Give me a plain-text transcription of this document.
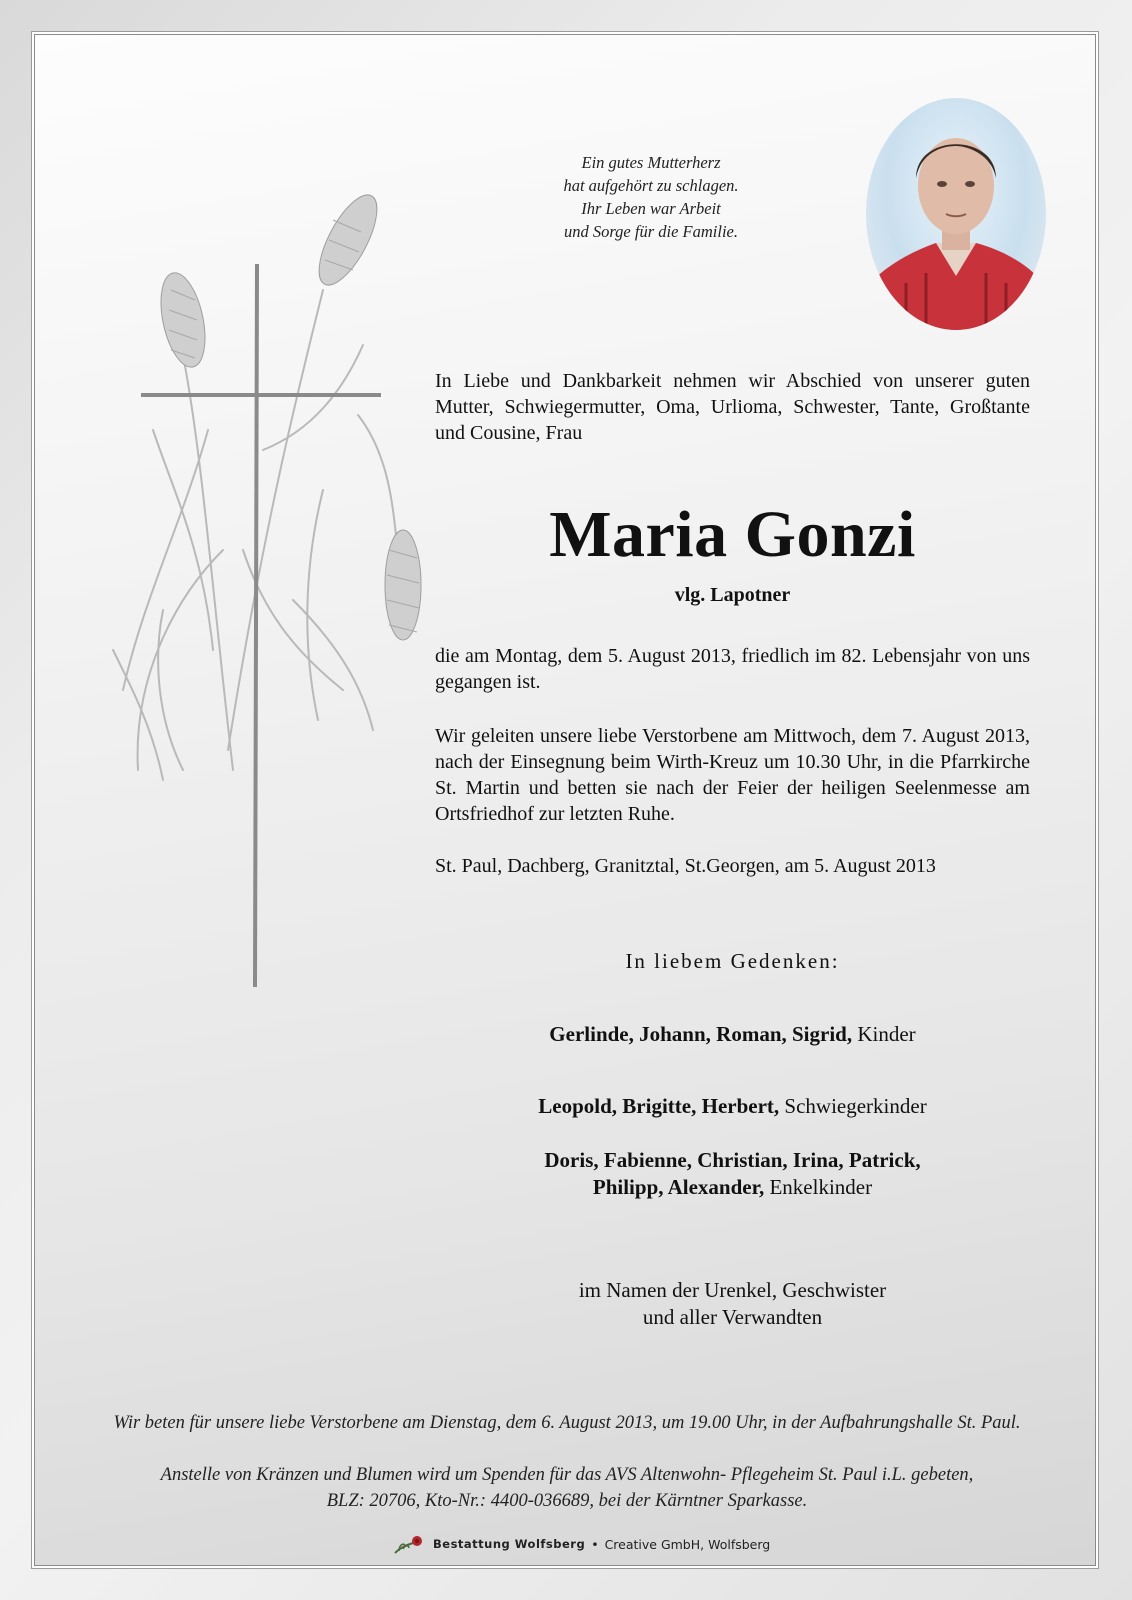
Ein gutes Mutterherz
hat aufgehört zu schlagen.
Ihr Leben war Arbeit
und Sorge für die Familie.
In Liebe und Dankbarkeit nehmen wir Abschied von unserer guten Mutter, Schwiegermutter, Oma, Urlioma, Schwester, Tante, Großtante und Cousine, Frau
Maria Gonzi
vlg. Lapotner
die am Montag, dem 5. August 2013, friedlich im 82. Lebensjahr von uns gegangen ist.
Wir geleiten unsere liebe Verstorbene am Mittwoch, dem 7. August 2013, nach der Einsegnung beim Wirth-Kreuz um 10.30 Uhr, in die Pfarrkirche St. Martin und betten sie nach der Feier der heiligen Seelenmesse am Ortsfriedhof zur letzten Ruhe.
St. Paul, Dachberg, Granitztal, St.Georgen, am 5. August 2013
In liebem Gedenken:
Gerlinde, Johann, Roman, Sigrid, Kinder
Leopold, Brigitte, Herbert, Schwiegerkinder
Doris, Fabienne, Christian, Irina, Patrick,
Philipp, Alexander, Enkelkinder
im Namen der Urenkel, Geschwister
und aller Verwandten
Wir beten für unsere liebe Verstorbene am Dienstag, dem 6. August 2013, um 19.00 Uhr, in der Aufbahrungshalle St. Paul.
Anstelle von Kränzen und Blumen wird um Spenden für das AVS Altenwohn- Pflegeheim St. Paul i.L. gebeten,
BLZ: 20706, Kto-Nr.: 4400-036689, bei der Kärntner Sparkasse.
Bestattung Wolfsberg • Creative GmbH, Wolfsberg
